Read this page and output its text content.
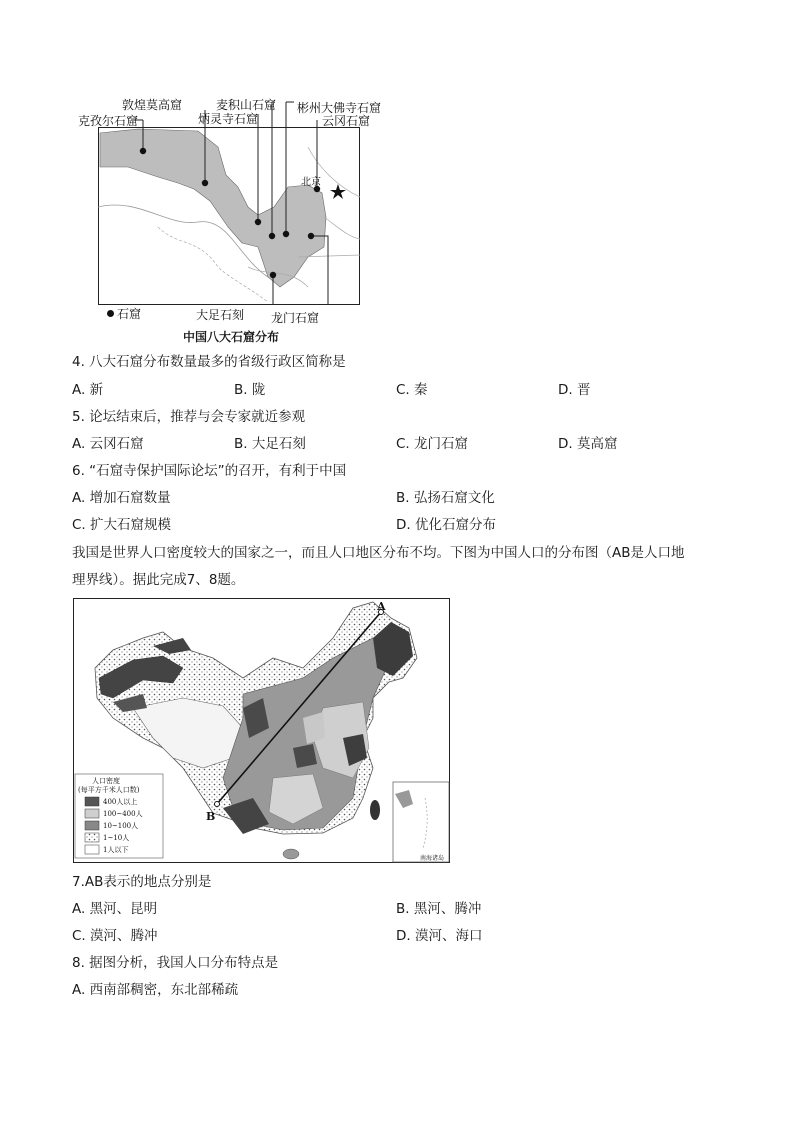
敦煌莫高窟	麦积山石窟 彬州大佛寺石窟
炳灵寺石窟	云冈石窟
克孜尔石窟
北京
大足石刻 龙门石窟
石窟
中国八大石窟分布
4. 八大石窟分布数量最多的省级行政区简称是
A. 新	B. 陇	C. 秦	D. 晋
5. 论坛结束后，推荐与会专家就近参观
A. 云冈石窟	B. 大足石刻	C. 龙门石窟	D. 莫高窟
6. “石窟寺保护国际论坛”的召开，有利于中国
A. 增加石窟数量	B. 弘扬石窟文化
C. 扩大石窟规模	D. 优化石窟分布
我国是世界人口密度较大的国家之一，而且人口地区分布不均。下图为中国人口的分布图（AB是人口地
理界线）。据此完成7、8题。
A
B
人口密度
(每平方千米人口数)
400人以上
100~400人
10~100人
1~10人
1人以下
南海诸岛
7.AB表示的地点分别是
A. 黑河、昆明	B. 黑河、腾冲
C. 漠河、腾冲	D. 漠河、海口
8. 据图分析，我国人口分布特点是
A. 西南部稠密，东北部稀疏
